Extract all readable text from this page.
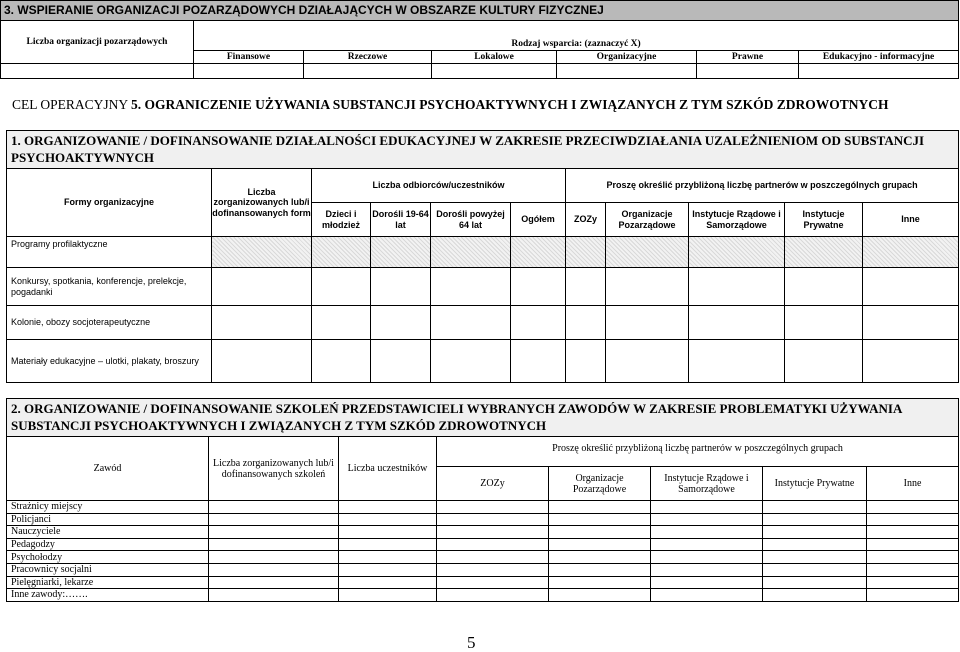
3. WSPIERANIE ORGANIZACJI POZARZĄDOWYCH DZIAŁAJĄCYCH W OBSZARZE KULTURY FIZYCZNEJ						
Liczba organizacji pozarządowych	Rodzaj wsparcia: (zaznaczyć X)					
	Finansowe	Rzeczowe	Lokalowe	Organizacyjne	Prawne	Edukacyjno - informacyjne

CEL OPERACYJNY 5. OGRANICZENIE UŻYWANIA SUBSTANCJI PSYCHOAKTYWNYCH I ZWIĄZANYCH Z TYM SZKÓD ZDROWOTNYCH
1. ORGANIZOWANIE / DOFINANSOWANIE DZIAŁALNOŚCI EDUKACYJNEJ W ZAKRESIE PRZECIWDZIAŁANIA UZALEŻNIENIOM OD SUBSTANCJI PSYCHOAKTYWNYCH										
Formy organizacyjne	Liczba zorganizowanych lub/i dofinansowanych form	Liczba odbiorców/uczestników				Proszę określić przybliżoną liczbę partnerów w poszczególnych grupach				
		Dzieci i młodzież	Dorośli 19-64 lat	Dorośli powyżej 64 lat	Ogółem	ZOZy	Organizacje Pozarządowe	Instytucje Rządowe i Samorządowe	Instytucje Prywatne	Inne
Programy profilaktyczne										
Konkursy, spotkania, konferencje, prelekcje, pogadanki										
Kolonie, obozy socjoterapeutyczne										
Materiały edukacyjne – ulotki, plakaty, broszury										
2. ORGANIZOWANIE / DOFINANSOWANIE SZKOLEŃ PRZEDSTAWICIELI WYBRANYCH ZAWODÓW W ZAKRESIE PROBLEMATYKI UŻYWANIA SUBSTANCJI PSYCHOAKTYWNYCH I ZWIĄZANYCH Z TYM SZKÓD ZDROWOTNYCH							
Zawód	Liczba zorganizowanych lub/i dofinansowanych szkoleń	Liczba uczestników	Proszę określić przybliżoną liczbę partnerów w poszczególnych grupach				
			ZOZy	Organizacje Pozarządowe	Instytucje Rządowe i Samorządowe	Instytucje Prywatne	Inne
Strażnicy miejscy							
Policjanci							
Nauczyciele							
Pedagodzy							
Psychołodzy							
Pracownicy socjalni							
Pielęgniarki, lekarze							
Inne zawody:…….							
5
